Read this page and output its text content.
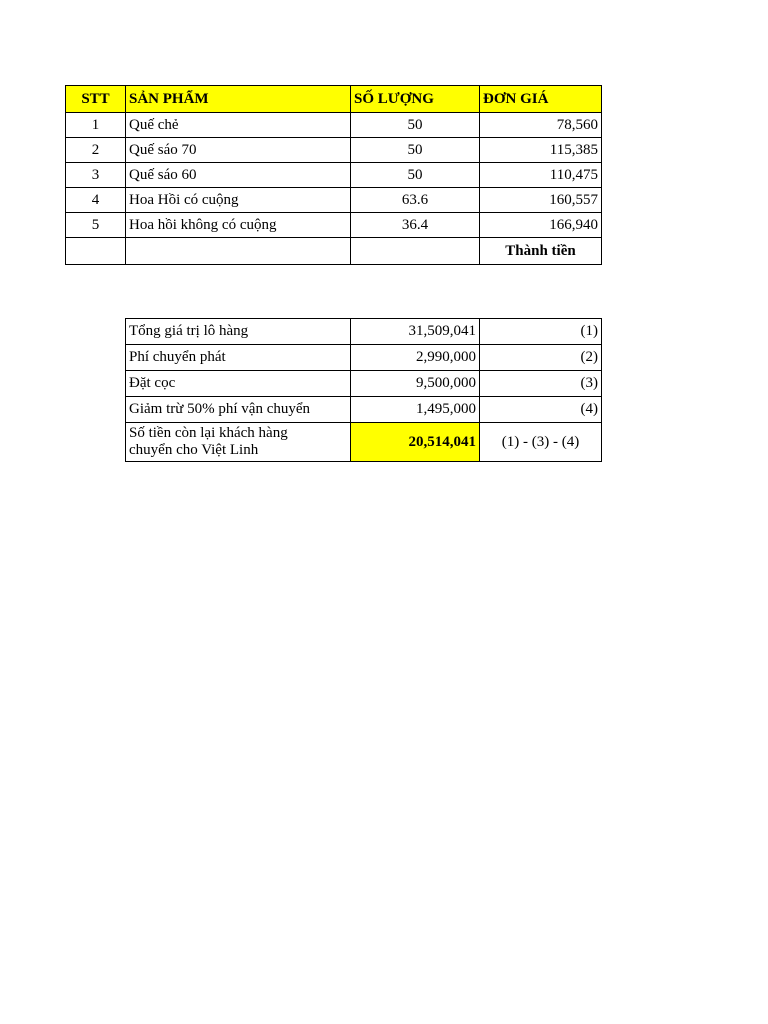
STT	SẢN PHẨM	SỐ LƯỢNG	ĐƠN GIÁ
1	Quế chẻ	50	78,560
2	Quế sáo 70	50	115,385
3	Quế sáo 60	50	110,475
4	Hoa Hồi có cuộng	63.6	160,557
5	Hoa hồi không có cuộng	36.4	166,940
			Thành tiền
Tổng giá trị lô hàng	31,509,041	(1)
Phí chuyển phát	2,990,000	(2)
Đặt cọc	9,500,000	(3)
Giảm trừ 50% phí vận chuyển	1,495,000	(4)
Số tiền còn lại khách hàng
chuyển cho Việt Linh	20,514,041	(1) - (3) - (4)
